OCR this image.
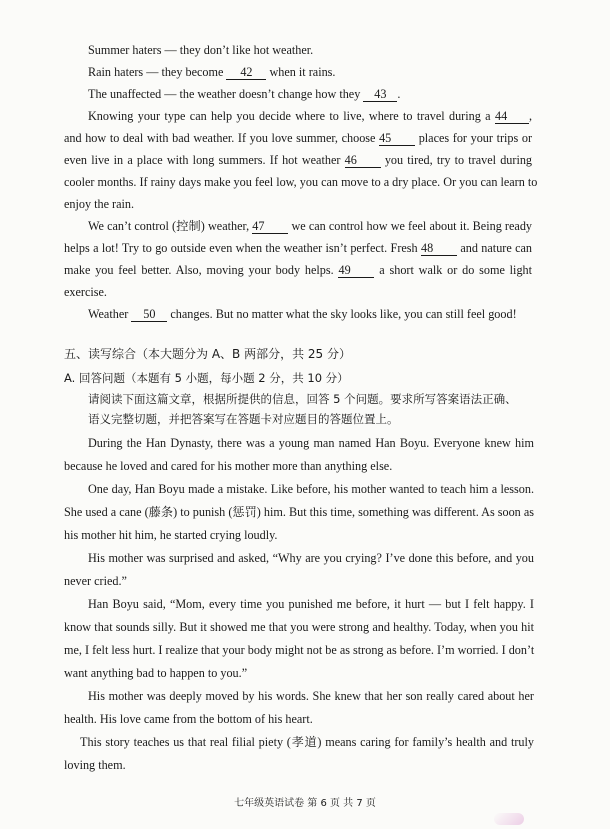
Summer haters — they don’t like hot weather.
Rain haters — they become 42 when it rains.
The unaffected — the weather doesn’t change how they 43 .
Knowing your type can help you decide where to live, where to travel during a 44 ,
and how to deal with bad weather. If you love summer, choose 45 places for your trips or
even live in a place with long summers. If hot weather 46 you tired, try to travel during
cooler months. If rainy days make you feel low, you can move to a dry place. Or you can learn to
enjoy the rain.
We can’t control (控制) weather, 47 we can control how we feel about it. Being ready
helps a lot! Try to go outside even when the weather isn’t perfect. Fresh 48 and nature can
make you feel better. Also, moving your body helps. 49 a short walk or do some light
exercise.
Weather 50 changes. But no matter what the sky looks like, you can still feel good!
五、读写综合（本大题分为 A、B 两部分，共 25 分）
A. 回答问题（本题有 5 小题，每小题 2 分，共 10 分）
请阅读下面这篇文章，根据所提供的信息，回答 5 个问题。要求所写答案语法正确、
语义完整切题，并把答案写在答题卡对应题目的答题位置上。
During the Han Dynasty, there was a young man named Han Boyu. Everyone knew him
because he loved and cared for his mother more than anything else.
One day, Han Boyu made a mistake. Like before, his mother wanted to teach him a lesson.
She used a cane (藤条) to punish (惩罚) him. But this time, something was different. As soon as
his mother hit him, he started crying loudly.
His mother was surprised and asked, “Why are you crying? I’ve done this before, and you
never cried.”
Han Boyu said, “Mom, every time you punished me before, it hurt — but I felt happy. I
know that sounds silly. But it showed me that you were strong and healthy. Today, when you hit
me, I felt less hurt. I realize that your body might not be as strong as before. I’m worried. I don’t
want anything bad to happen to you.”
His mother was deeply moved by his words. She knew that her son really cared about her
health. His love came from the bottom of his heart.
This story teaches us that real filial piety (孝道) means caring for family’s health and truly
loving them.
七年级英语试卷 第 6 页 共 7 页
